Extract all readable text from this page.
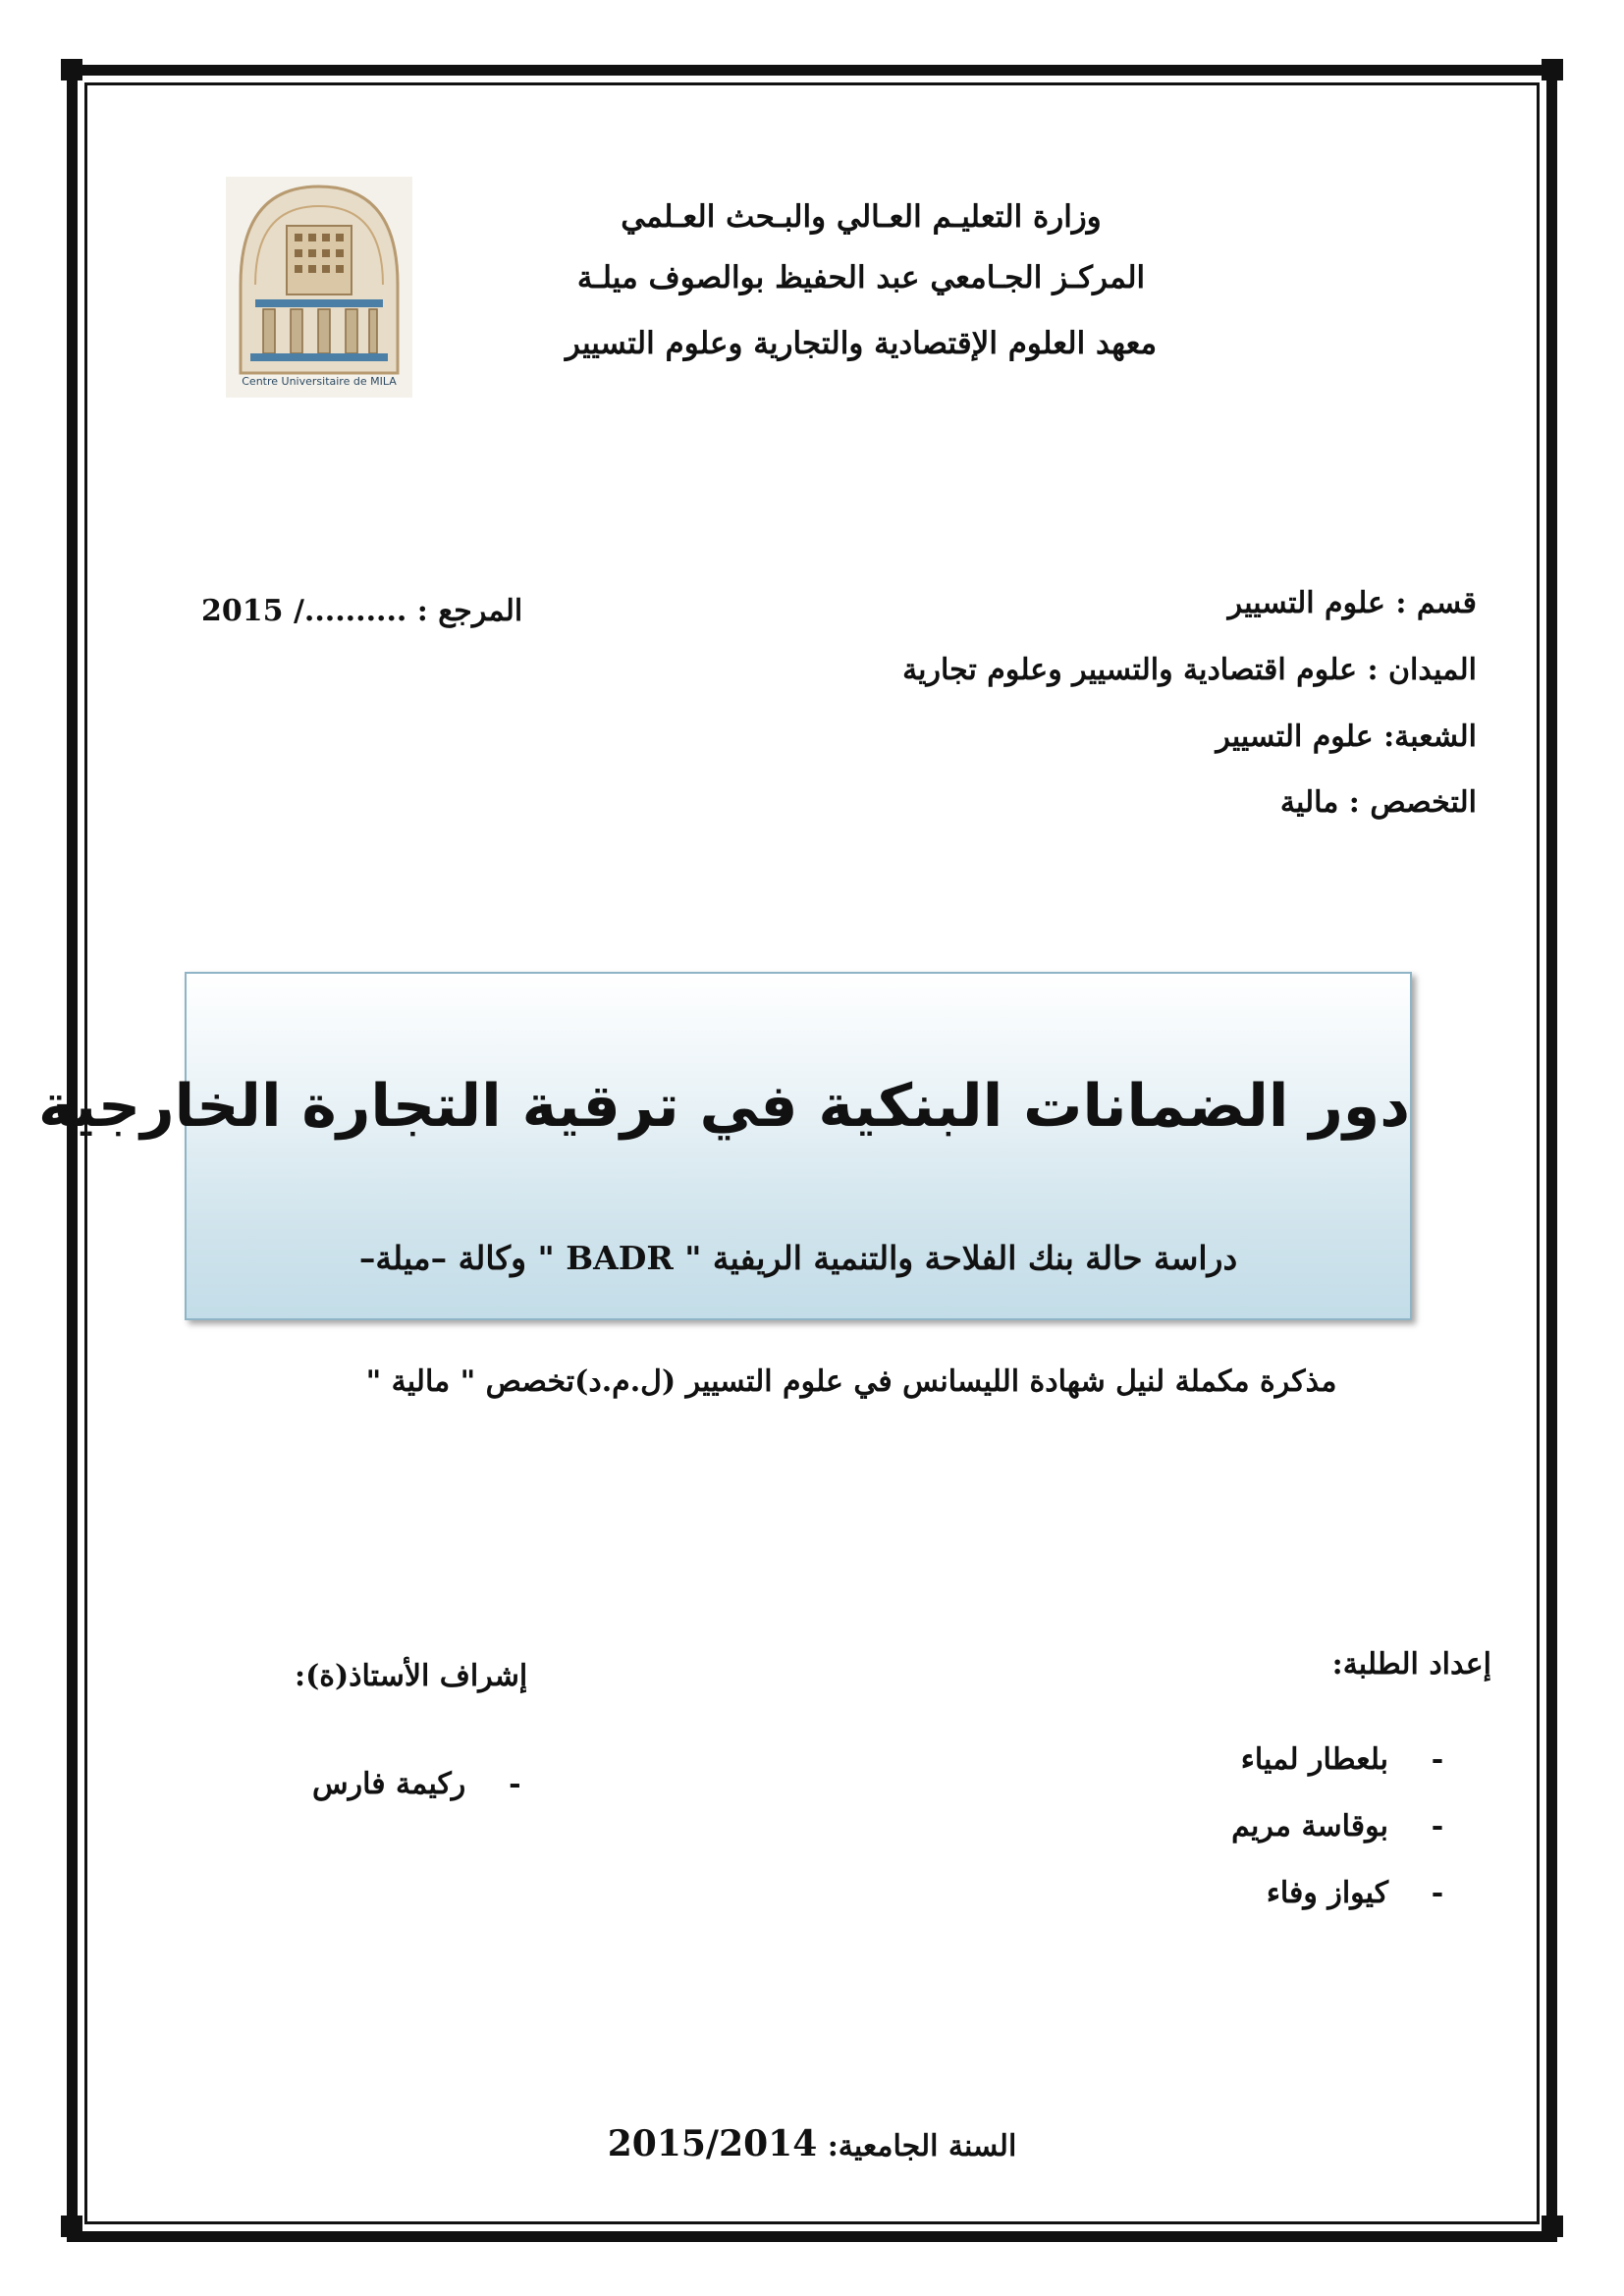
Centre Universitaire de MILA
وزارة التعليـم العـالي والبـحث العـلمي
المركـز الجـامعي عبد الحفيظ بوالصوف ميلـة
معهد العلوم الإقتصادية والتجارية وعلوم التسيير
قسم : علوم التسيير
الميدان : علوم اقتصادية والتسيير وعلوم تجارية
الشعبة: علوم التسيير
التخصص : مالية
المرجع : ........../ 2015
دور الضمانات البنكية في ترقية التجارة الخارجية
دراسة حالة بنك الفلاحة والتنمية الريفية " BADR " وكالة –ميلة–
مذكرة مكملة لنيل شهادة الليسانس في علوم التسيير (ل.م.د)تخصص " مالية "
إعداد الطلبة:
-بلعطار لمياء
-بوقاسة مريم
-كيواز وفاء
إشراف الأستاذ(ة):
-ركيمة فارس
السنة الجامعية: 2015/2014
